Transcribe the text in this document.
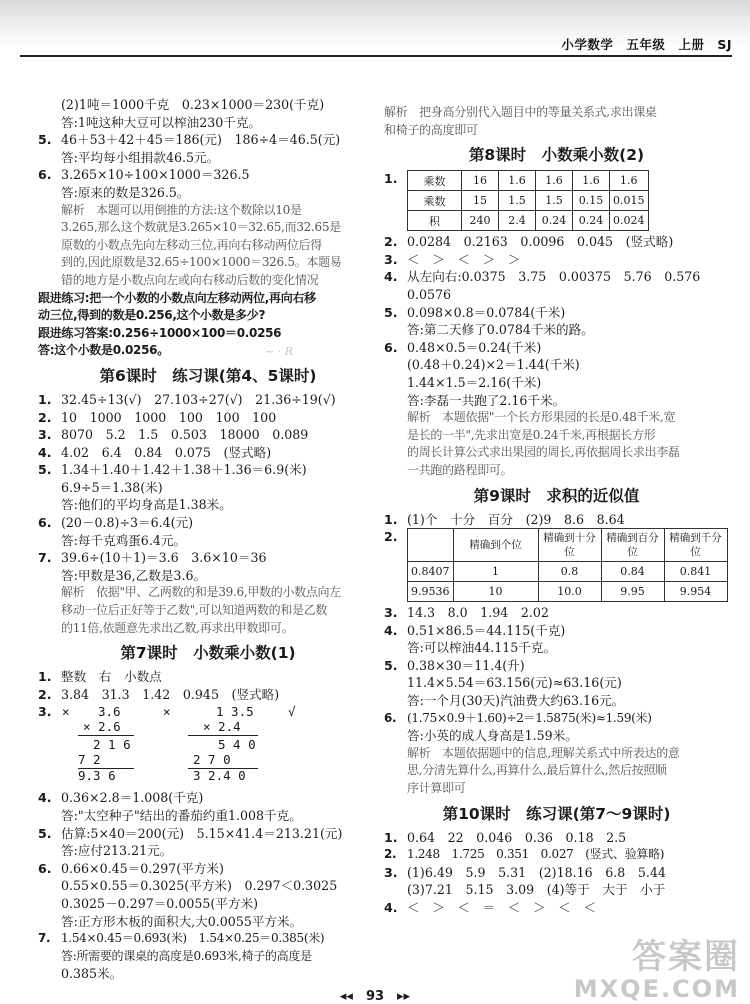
小学数学　五年级　上册　SJ
(2)1吨＝1000千克　0.23×1000＝230(千克)
答:1吨这种大豆可以榨油230千克。
5. 46＋53＋42＋45＝186(元)　186÷4＝46.5(元)
答:平均每小组捐款46.5元。
6. 3.265×10÷100×1000＝326.5
答:原来的数是326.5。
解析　本题可以用倒推的方法:这个数除以10是
3.265,那么这个数就是3.265×10＝32.65,而32.65是
原数的小数点先向左移动三位,再向右移动两位后得
到的,因此原数是32.65÷100×1000＝326.5。本题易
错的地方是小数点向左或向右移动后数的变化情况
跟进练习:把一个小数的小数点向左移动两位,再向右移
动三位,得到的数是0.256,这个小数是多少?
跟进练习答案:0.256÷1000×100＝0.0256
答:这个小数是0.0256。
第6课时　练习课(第4、5课时)
1. 32.45÷13(√)　27.103÷27(√)　21.36÷19(√)
2. 10　1000　1000　100　100　100
3. 8070　5.2　1.5　0.503　18000　0.089
4. 4.02　6.4　0.84　0.075　(竖式略)
5. 1.34＋1.40＋1.42＋1.38＋1.36＝6.9(米)
6.9÷5＝1.38(米)
答:他们的平均身高是1.38米。
6. (20－0.8)÷3＝6.4(元)
答:每千克鸡蛋6.4元。
7. 39.6÷(10＋1)＝3.6　3.6×10＝36
答:甲数是36,乙数是3.6。
解析　依据"甲、乙两数的和是39.6,甲数的小数点向左
移动一位后正好等于乙数",可以知道两数的和是乙数
的11倍,依题意先求出乙数,再求出甲数即可。
第7课时　小数乘小数(1)
1. 整数　右　小数点
2. 3.84　31.3　1.42　0.945　(竖式略)
3. × 3.6
× 2.6
2 1 6
7 2
9.3 6
×	1 3.5
× 2.4
5 4 0
2 7 0
3 2.4 0
√
4. 0.36×2.8＝1.008(千克)
答:"太空种子"结出的番茄约重1.008千克。
5. 估算:5×40＝200(元)　5.15×41.4＝213.21(元)
答:应付213.21元。
6. 0.66×0.45＝0.297(平方米)
0.55×0.55＝0.3025(平方米)　0.297＜0.3025
0.3025－0.297＝0.0055(平方米)
答:正方形木板的面积大,大0.0055平方米。
7. 1.54×0.45＝0.693(米)　1.54×0.25＝0.385(米)
答:所需要的课桌的高度是0.693米,椅子的高度是
0.385米。
解析　把身高分别代入题目中的等量关系式,求出课桌
和椅子的高度即可
第8课时　小数乘小数(2)
1. 乘数	16	1.6	1.6	1.6	1.6
乘数	15	1.5	1.5	0.15	0.015
积	240	2.4	0.24	0.24	0.024
2. 0.0284　0.2163　0.0096　0.045　(竖式略)
3. ＜　＞　＜　＞　＞
4. 从左向右:0.0375　3.75　0.00375　5.76　0.576
0.0576
5. 0.098×0.8＝0.0784(千米)
答:第二天修了0.0784千米的路。
6. 0.48×0.5＝0.24(千米)
(0.48＋0.24)×2＝1.44(千米)
1.44×1.5＝2.16(千米)
答:李磊一共跑了2.16千米。
解析　本题依据"一个长方形果园的长是0.48千米,宽
是长的一半",先求出宽是0.24千米,再根据长方形
的周长计算公式求出果园的周长,再依据周长求出李磊
一共跑的路程即可。
第9课时　求积的近似值
1. (1)个　十分　百分　(2)9　8.6　8.64
2.
	精确到个位	精确到十分位	精确到百分位	精确到千分位
0.8407	1	0.8	0.84	0.841
9.9536	10	10.0	9.95	9.954
3. 14.3　8.0　1.94　2.02
4. 0.51×86.5＝44.115(千克)
答:可以榨油44.115千克。
5. 0.38×30＝11.4(升)
11.4×5.54＝63.156(元)≈63.16(元)
答:一个月(30天)汽油费大约63.16元。
6. (1.75×0.9＋1.60)÷2＝1.5875(米)≈1.59(米)
答:小英的成人身高是1.59米。
解析　本题依据题中的信息,理解关系式中所表达的意
思,分清先算什么,再算什么,最后算什么,然后按照顺
序计算即可
第10课时　练习课(第7～9课时)
1. 0.64　22　0.046　0.36　0.18　2.5
2. 1.248　1.725　0.351　0.027　(竖式、验算略)
3. (1)6.49　5.9　5.31　(2)18.16　6.8　5.44
(3)7.21　5.15　3.09　(4)等于　大于　小于
4. ＜　＞　＜　＝　＜　＞　＜　＜
~ · R
答案圈
MXQE.COM
◂◂　93　▸▸
